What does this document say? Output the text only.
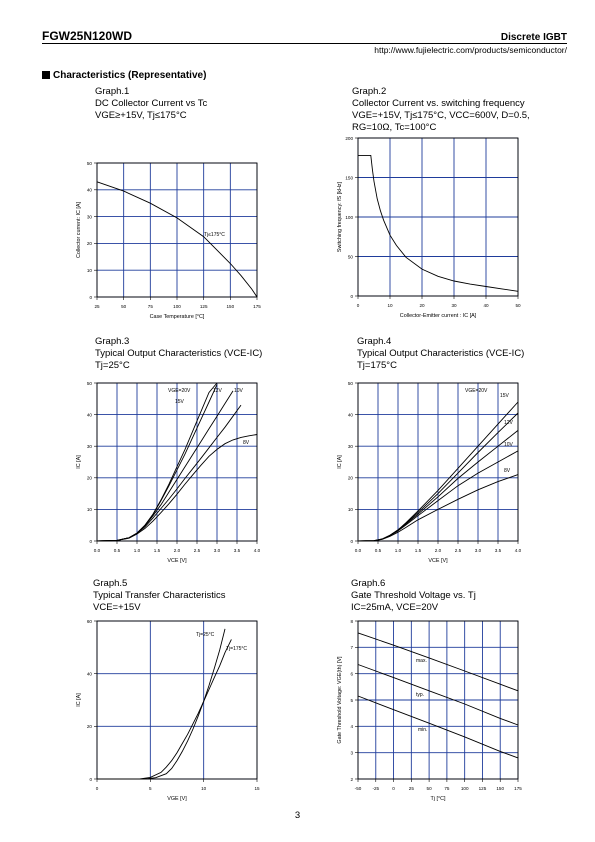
FGW25N120WD	Discrete IGBT
http://www.fujielectric.com/products/semiconductor/
Characteristics (Representative)
Graph.1
DC Collector Current vs Tc
VGE≥+15V, Tj≤175°C
Graph.2
Collector Current vs. switching frequency
VGE=+15V, Tj≤175°C, VCC=600V, D=0.5,
RG=10Ω, Tc=100°C
Graph.3
Typical Output Characteristics (VCE-IC)
Tj=25°C
Graph.4
Typical Output Characteristics (VCE-IC)
Tj=175°C
Graph.5
Typical Transfer Characteristics
VCE=+15V
Graph.6
Gate Threshold Voltage vs. Tj
IC=25mA, VCE=20V
25	50	75	100	125	150	175
0
10
20
30
40
50
Case Temperature [°C]
Collector current: IC [A]	Tj≤175°C
0	10	20	30	40	50
0
50
100
150
200
Collector-Emitter current : IC [A]
Switching frequency: fS [kHz]
0.0	0.5	1.0	1.5	2.0	2.5	3.0	3.5	4.0
0
10
20
30
40
50
VCE [V]
IC [A]
VGE=20V
15V
12V 10V
8V
0.0	0.5	1.0	1.5	2.0	2.5	3.0	3.5	4.0
0
10
20
30
40
50
VCE [V]
IC [A]
VGE=20V
15V
12V
10V
8V
0	5	10	15
0
20
40
60
VGE [V]
IC [A]
Tj=25°C
Tj=175°C
-50 -25	0	25	50	75 100 125 150 175
2
3
4
5
6
7
8
Tj [°C]
Gate Threshold Voltage: VGE(th) [V]	max.
typ.
min.
3
